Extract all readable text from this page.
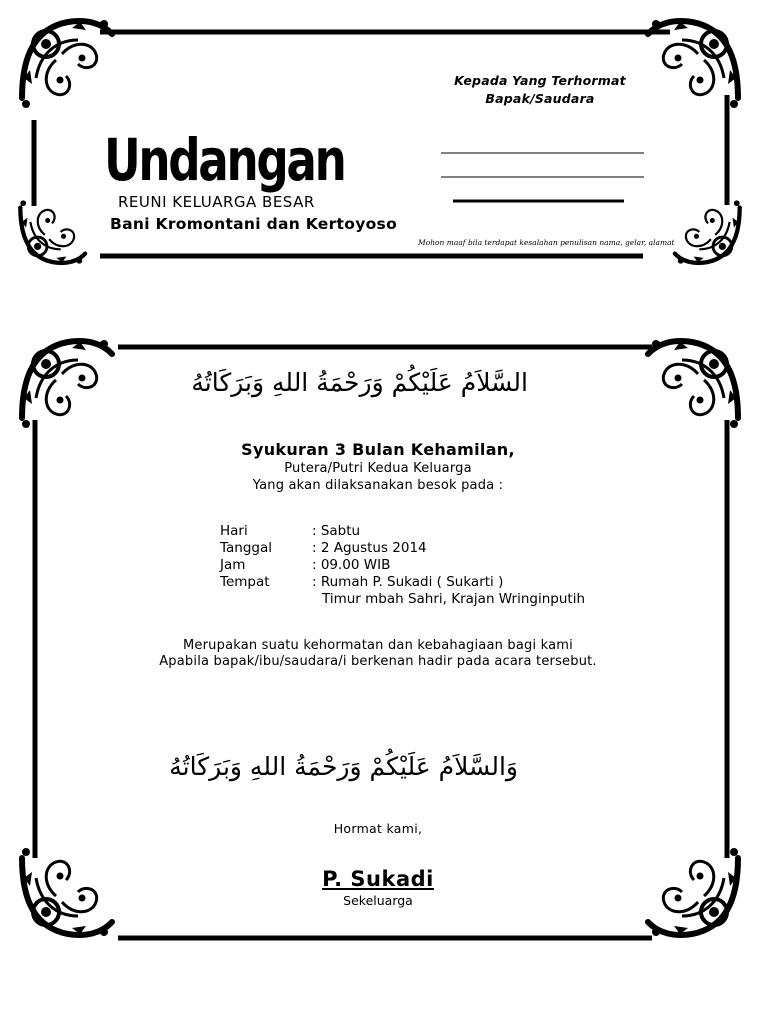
Kepada Yang Terhormat
Bapak/Saudara
Undangan
REUNI KELUARGA BESAR
Bani Kromontani dan Kertoyoso
Mohon maaf bila terdapat kesalahan penulisan nama, gelar, alamat
السَّلاَمُ عَلَيْكُمْ وَرَحْمَةُ اللهِ وَبَرَكَاتُهُ
Syukuran 3 Bulan Kehamilan,
Putera/Putri Kedua Keluarga
Yang akan dilaksanakan besok pada :
Hari	: Sabtu
Tanggal	: 2 Agustus 2014
Jam	: 09.00 WIB
Tempat	: Rumah P. Sukadi ( Sukarti )
Timur mbah Sahri, Krajan Wringinputih
Merupakan suatu kehormatan dan kebahagiaan bagi kami
Apabila bapak/ibu/saudara/i berkenan hadir pada acara tersebut.
وَالسَّلاَمُ عَلَيْكُمْ وَرَحْمَةُ اللهِ وَبَرَكَاتُهُ
Hormat kami,
P. Sukadi
Sekeluarga
